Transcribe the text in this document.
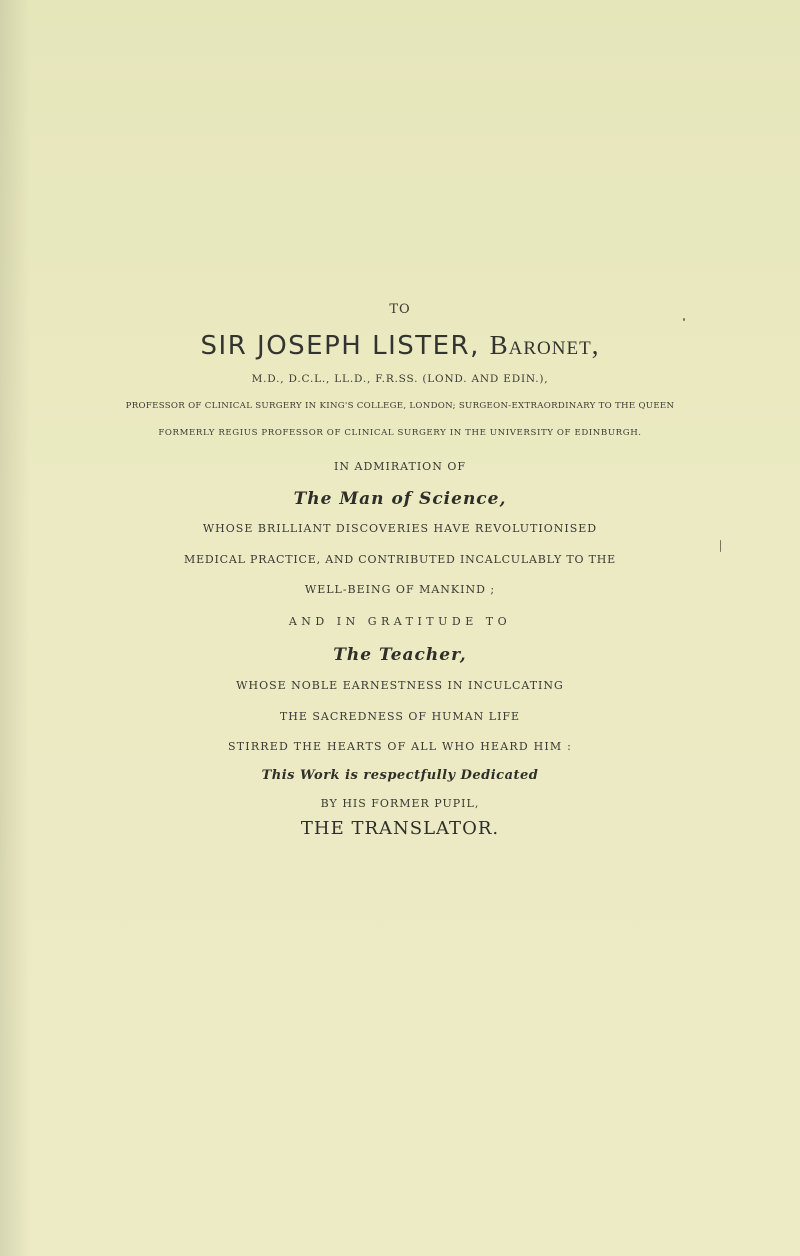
TO

SIR JOSEPH LISTER, Baronet,

M.D., D.C.L., LL.D., F.R.SS. (LOND. AND EDIN.),

PROFESSOR OF CLINICAL SURGERY IN KING'S COLLEGE, LONDON; SURGEON-EXTRAORDINARY TO THE QUEEN

FORMERLY REGIUS PROFESSOR OF CLINICAL SURGERY IN THE UNIVERSITY OF EDINBURGH.

IN ADMIRATION OF

The Man of Science,

WHOSE BRILLIANT DISCOVERIES HAVE REVOLUTIONISED

MEDICAL PRACTICE, AND CONTRIBUTED INCALCULABLY TO THE

WELL-BEING OF MANKIND ;

AND IN GRATITUDE TO

The Teacher,

WHOSE NOBLE EARNESTNESS IN INCULCATING

THE SACREDNESS OF HUMAN LIFE

STIRRED THE HEARTS OF ALL WHO HEARD HIM :

This Work is respectfully Dedicated

BY HIS FORMER PUPIL,

THE TRANSLATOR.
